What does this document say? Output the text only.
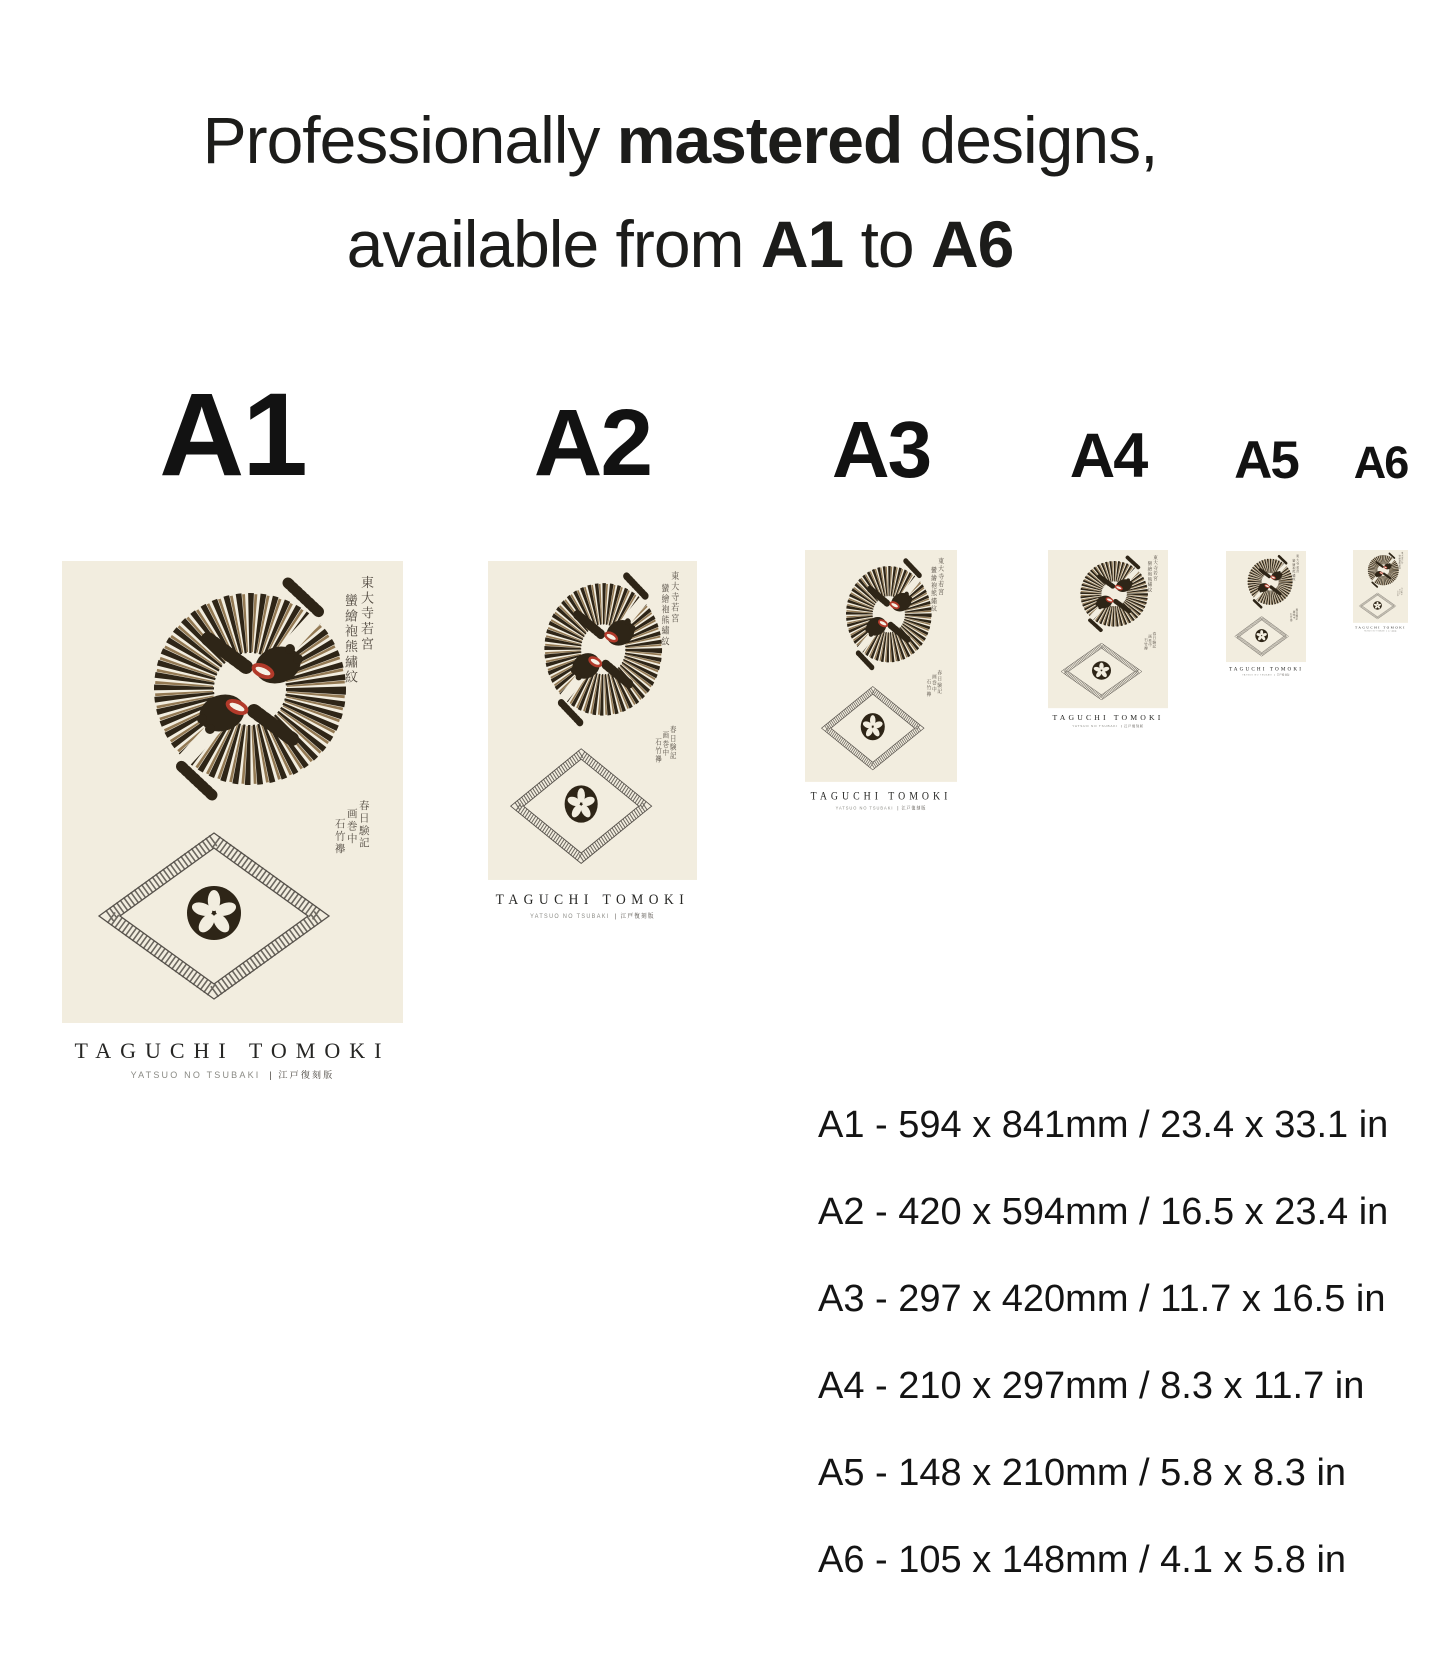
Professionally mastered designs,
available from A1 to A6
A1	A2	A3	A4	A5 A6
A1 - 594 x 841mm / 23.4 x 33.1 in
A2 - 420 x 594mm / 16.5 x 23.4 in
A3 - 297 x 420mm / 11.7 x 16.5 in
A4 - 210 x 297mm / 8.3 x 11.7 in
A5 - 148 x 210mm / 5.8 x 8.3 in
A6 - 105 x 148mm / 4.1 x 5.8 in
